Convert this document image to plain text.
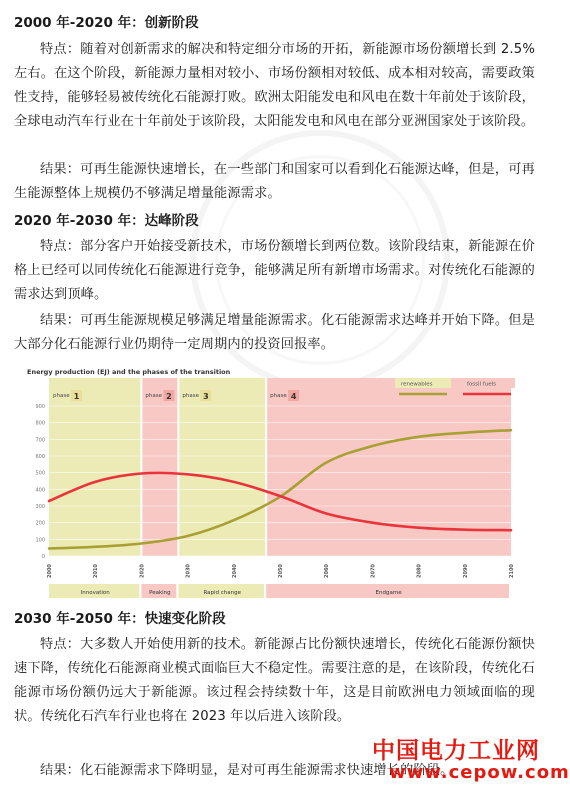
2000 年-2020 年：创新阶段

特点：随着对创新需求的解决和特定细分市场的开拓，新能源市场份额增长到 2.5%左右。在这个阶段，新能源力量相对较小、市场份额相对较低、成本相对较高，需要政策性支持，能够轻易被传统化石能源打败。欧洲太阳能发电和风电在数十年前处于该阶段，全球电动汽车行业在十年前处于该阶段，太阳能发电和风电在部分亚洲国家处于该阶段。

结果：可再生能源快速增长，在一些部门和国家可以看到化石能源达峰，但是，可再生能源整体上规模仍不够满足增量能源需求。

2020 年-2030 年：达峰阶段

特点：部分客户开始接受新技术，市场份额增长到两位数。该阶段结束，新能源在价格上已经可以同传统化石能源进行竞争，能够满足所有新增市场需求。对传统化石能源的需求达到顶峰。

结果：可再生能源规模足够满足增量能源需求。化石能源需求达峰并开始下降。但是大部分化石能源行业仍期待一定周期内的投资回报率。

Energy production (EJ) and the phases of the transition
phase 1
Innovation
phase 2
Peaking
phase 3
Rapid change
phase 4
Endgame
0
100
200
300
400
500
600
700
800
900
2000	2010	2020	2030	2040	2050	2060	2070	2080	2090	2100
renewables	fossil fuels
2030 年-2050 年：快速变化阶段

特点：大多数人开始使用新的技术。新能源占比份额快速增长，传统化石能源份额快速下降，传统化石能源商业模式面临巨大不稳定性。需要注意的是，在该阶段，传统化石能源市场份额仍远大于新能源。该过程会持续数十年，这是目前欧洲电力领域面临的现状。传统化石汽车行业也将在 2023 年以后进入该阶段。

结果：化石能源需求下降明显，是对可再生能源需求快速增长的阶段。

中国电力工业网
www.cepow.com
